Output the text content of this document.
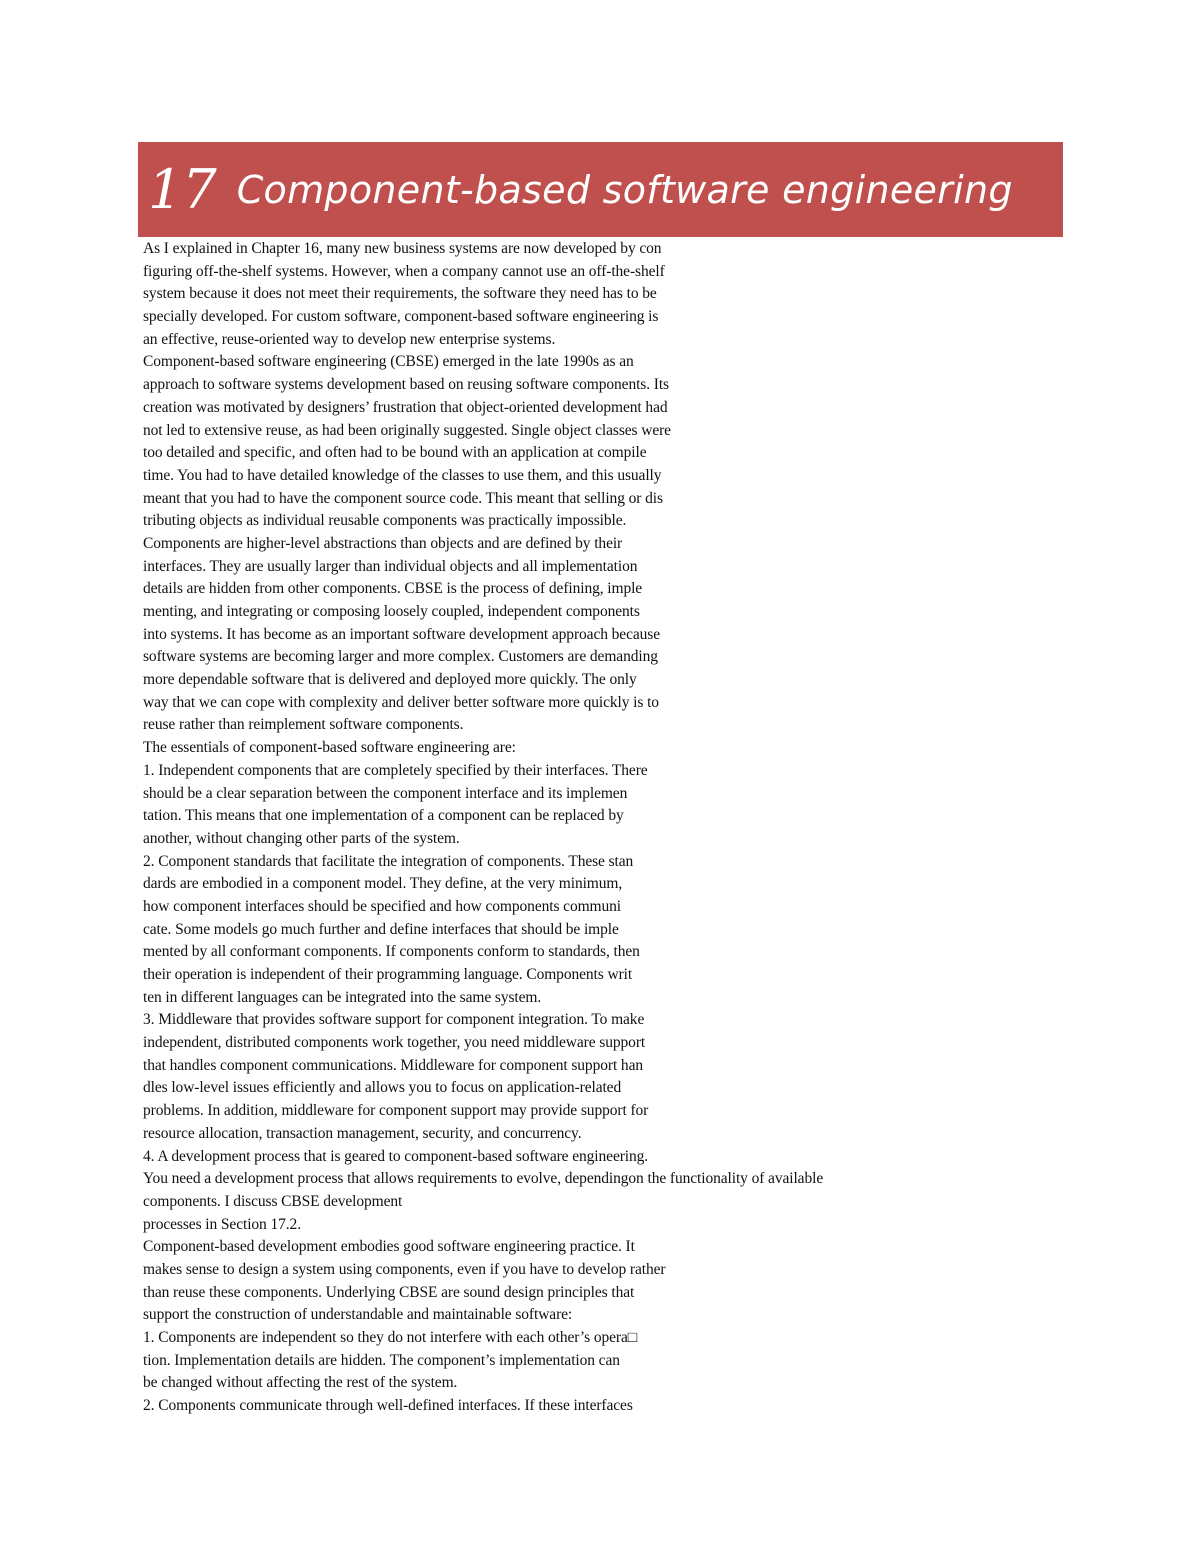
17 Component-based software engineering
As I explained in Chapter 16, many new business systems are now developed by con
figuring off-the-shelf systems. However, when a company cannot use an off-the-shelf
system because it does not meet their requirements, the software they need has to be
specially developed. For custom software, component-based software engineering is
an effective, reuse-oriented way to develop new enterprise systems.
Component-based software engineering (CBSE) emerged in the late 1990s as an
approach to software systems development based on reusing software components. Its
creation was motivated by designers’ frustration that object-oriented development had
not led to extensive reuse, as had been originally suggested. Single object classes were
too detailed and specific, and often had to be bound with an application at compile
time. You had to have detailed knowledge of the classes to use them, and this usually
meant that you had to have the component source code. This meant that selling or dis
tributing objects as individual reusable components was practically impossible.
Components are higher-level abstractions than objects and are defined by their
interfaces. They are usually larger than individual objects and all implementation
details are hidden from other components. CBSE is the process of defining, imple
menting, and integrating or composing loosely coupled, independent components
into systems. It has become as an important software development approach because
software systems are becoming larger and more complex. Customers are demanding
more dependable software that is delivered and deployed more quickly. The only
way that we can cope with complexity and deliver better software more quickly is to
reuse rather than reimplement software components.
The essentials of component-based software engineering are:
1. Independent components that are completely specified by their interfaces. There
should be a clear separation between the component interface and its implemen
tation. This means that one implementation of a component can be replaced by
another, without changing other parts of the system.
2. Component standards that facilitate the integration of components. These stan
dards are embodied in a component model. They define, at the very minimum,
how component interfaces should be specified and how components communi
cate. Some models go much further and define interfaces that should be imple
mented by all conformant components. If components conform to standards, then
their operation is independent of their programming language. Components writ
ten in different languages can be integrated into the same system.
3. Middleware that provides software support for component integration. To make
independent, distributed components work together, you need middleware support
that handles component communications. Middleware for component support han
dles low-level issues efficiently and allows you to focus on application-related
problems. In addition, middleware for component support may provide support for
resource allocation, transaction management, security, and concurrency.
4. A development process that is geared to component-based software engineering.
You need a development process that allows requirements to evolve, dependingon the functionality of available
components. I discuss CBSE development
processes in Section 17.2.
Component-based development embodies good software engineering practice. It
makes sense to design a system using components, even if you have to develop rather
than reuse these components. Underlying CBSE are sound design principles that
support the construction of understandable and maintainable software:
1. Components are independent so they do not interfere with each other’s opera□
tion. Implementation details are hidden. The component’s implementation can
be changed without affecting the rest of the system.
2. Components communicate through well-defined interfaces. If these interfaces
